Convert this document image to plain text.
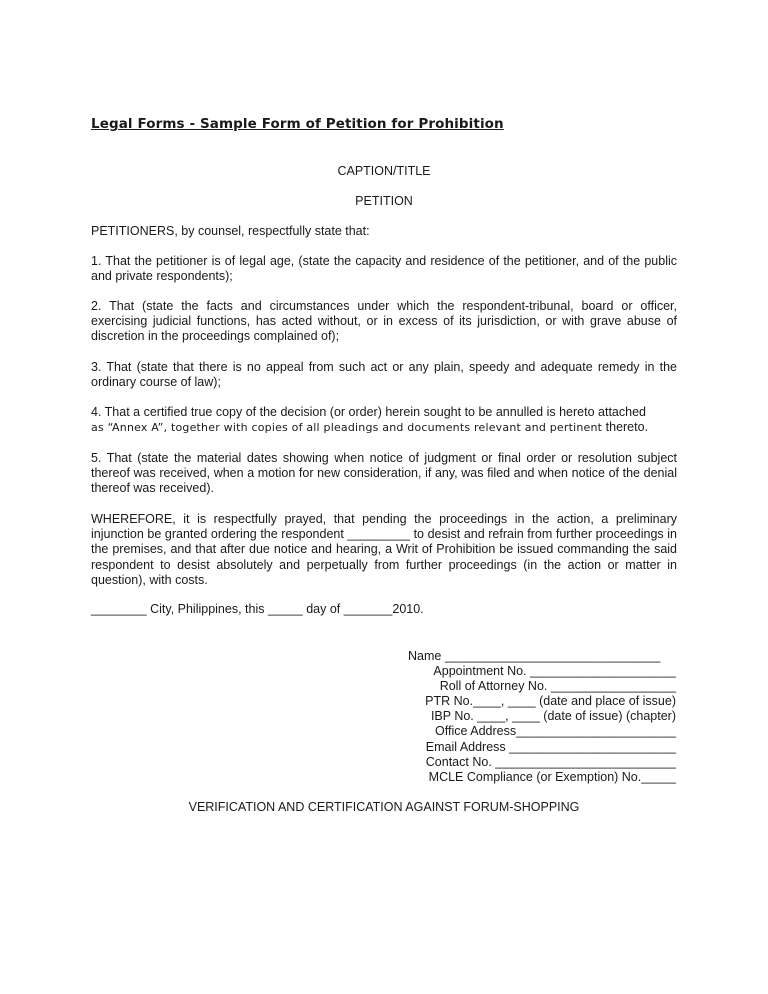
Legal Forms - Sample Form of Petition for Prohibition
CAPTION/TITLE
PETITION
PETITIONERS, by counsel, respectfully state that:
1. That the petitioner is of legal age, (state the capacity and residence of the petitioner, and of the public and private respondents);
2. That (state the facts and circumstances under which the respondent-tribunal, board or officer, exercising judicial functions, has acted without, or in excess of its jurisdiction, or with grave abuse of discretion in the proceedings complained of);
3. That (state that there is no appeal from such act or any plain, speedy and adequate remedy in the ordinary course of law);
4. That a certified true copy of the decision (or order) herein sought to be annulled is hereto attached
as “Annex A”, together with copies of all pleadings and documents relevant and pertinent thereto.
5. That (state the material dates showing when notice of judgment or final order or resolution subject thereof was received, when a motion for new consideration, if any, was filed and when notice of the denial thereof was received).
WHEREFORE, it is respectfully prayed, that pending the proceedings in the action, a preliminary injunction be granted ordering the respondent _________ to desist and refrain from further proceedings in the premises, and that after due notice and hearing, a Writ of Prohibition be issued commanding the said respondent to desist absolutely and perpetually from further proceedings (in the action or matter in question), with costs.
________ City, Philippines, this _____ day of _______2010.
Name _______________________________
Appointment No. _____________________
Roll of Attorney No. __________________
PTR No.____, ____ (date and place of issue)
IBP No. ____, ____ (date of issue) (chapter)
Office Address_______________________
Email Address ________________________
Contact No. __________________________
MCLE Compliance (or Exemption) No._____
VERIFICATION AND CERTIFICATION AGAINST FORUM-SHOPPING
